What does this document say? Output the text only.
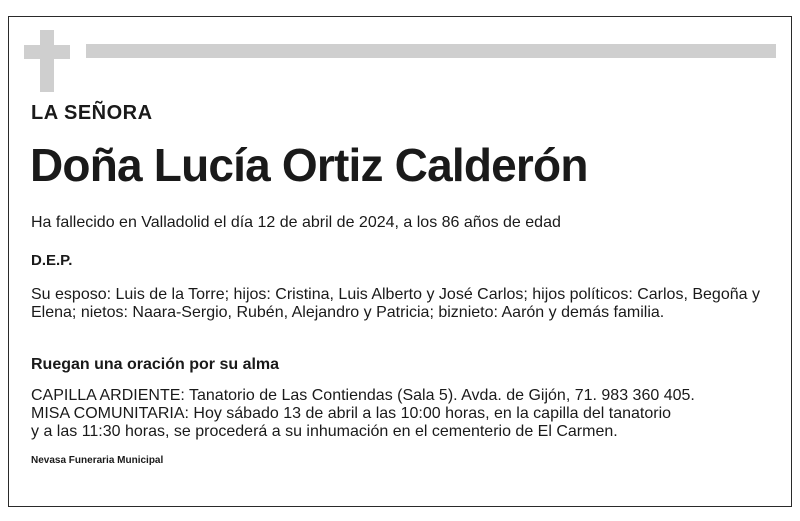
LA SEÑORA

Doña Lucía Ortiz Calderón

Ha fallecido en Valladolid el día 12 de abril de 2024, a los 86 años de edad

D.E.P.

Su esposo: Luis de la Torre; hijos: Cristina, Luis Alberto y José Carlos; hijos políticos: Carlos, Begoña y Elena; nietos: Naara-Sergio, Rubén, Alejandro y Patricia; biznieto: Aarón y demás familia.

Ruegan una oración por su alma

CAPILLA ARDIENTE: Tanatorio de Las Contiendas (Sala 5). Avda. de Gijón, 71. 983 360 405.
MISA COMUNITARIA: Hoy sábado 13 de abril a las 10:00 horas, en la capilla del tanatorio
y a las 11:30 horas, se procederá a su inhumación en el cementerio de El Carmen.

Nevasa Funeraria Municipal
